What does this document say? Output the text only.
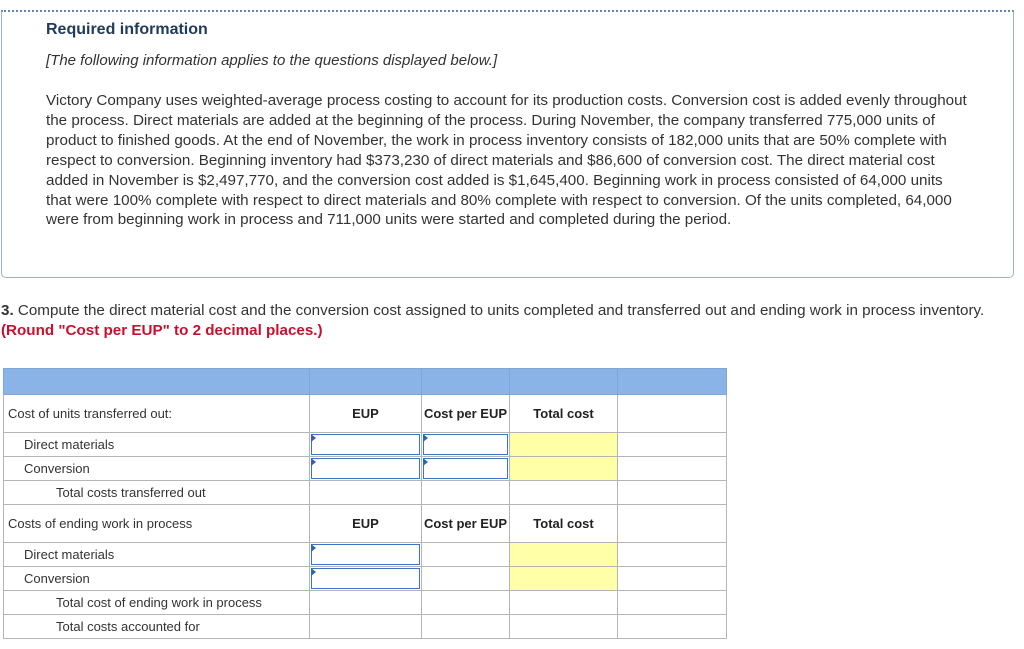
Required information
[The following information applies to the questions displayed below.]
Victory Company uses weighted-average process costing to account for its production costs. Conversion cost is added evenly throughout the process. Direct materials are added at the beginning of the process. During November, the company transferred 775,000 units of product to finished goods. At the end of November, the work in process inventory consists of 182,000 units that are 50% complete with respect to conversion. Beginning inventory had $373,230 of direct materials and $86,600 of conversion cost. The direct material cost added in November is $2,497,770, and the conversion cost added is $1,645,400. Beginning work in process consisted of 64,000 units that were 100% complete with respect to direct materials and 80% complete with respect to conversion. Of the units completed, 64,000 were from beginning work in process and 711,000 units were started and completed during the period.
3. Compute the direct material cost and the conversion cost assigned to units completed and transferred out and ending work in process inventory. (Round "Cost per EUP" to 2 decimal places.)

Cost of units transferred out:	EUP	Cost per EUP	Total cost	
Direct materials	

Conversion	

Total costs transferred out				
Costs of ending work in process	EUP	Cost per EUP	Total cost	
Direct materials	

Conversion	

Total cost of ending work in process				
Total costs accounted for				
